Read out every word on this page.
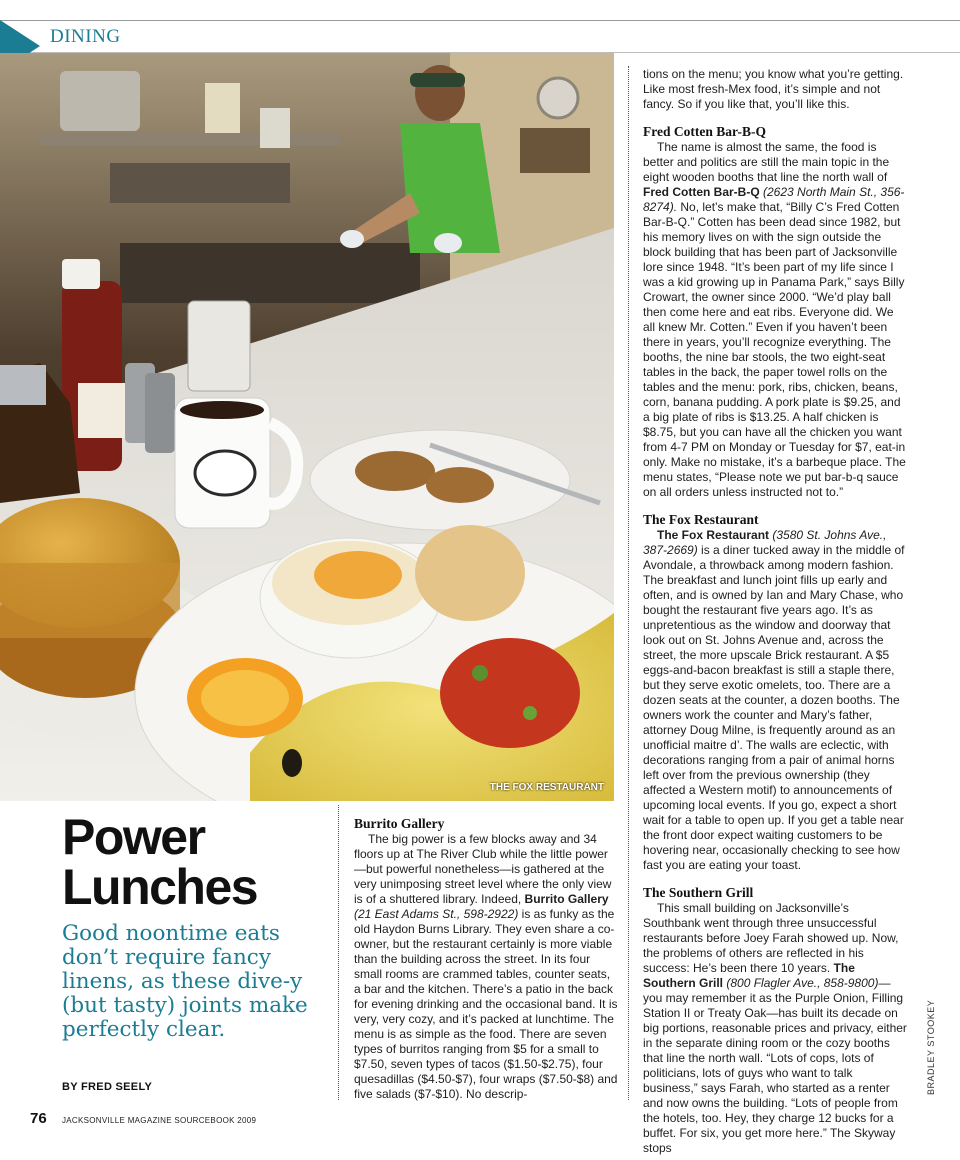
DINING
THE FOX RESTAURANT
Power
Lunches
Good noontime eats don’t require fancy linens, as these dive-y (but tasty) joints make perfectly clear.
BY FRED SEELY
Burrito Gallery

The big power is a few blocks away and 34 floors up at The River Club while the little power—but powerful nonetheless—is gathered at the very unimposing street level where the only view is of a shuttered library. Indeed, Burrito Gallery (21 East Adams St., 598-2922) is as funky as the old Haydon Burns Library. They even share a co-owner, but the restaurant certainly is more viable than the building across the street. In its four small rooms are crammed tables, counter seats, a bar and the kitchen. There’s a patio in the back for evening drinking and the occasional band. It is very, very cozy, and it’s packed at lunchtime. The menu is as simple as the food. There are seven types of burritos ranging from $5 for a small to $7.50, seven types of tacos ($1.50-$2.75), four quesadillas ($4.50-$7), four wraps ($7.50-$8) and five salads ($7-$10). No descrip-

tions on the menu; you know what you’re getting. Like most fresh-Mex food, it’s simple and not fancy. So if you like that, you’ll like this.

Fred Cotten Bar-B-Q

The name is almost the same, the food is better and politics are still the main topic in the eight wooden booths that line the north wall of Fred Cotten Bar-B-Q (2623 North Main St., 356-8274). No, let’s make that, “Billy C’s Fred Cotten Bar-B-Q.” Cotten has been dead since 1982, but his memory lives on with the sign outside the block building that has been part of Jacksonville lore since 1948. “It’s been part of my life since I was a kid growing up in Panama Park,” says Billy Crowart, the owner since 2000. “We’d play ball then come here and eat ribs. Everyone did. We all knew Mr. Cotten.” Even if you haven’t been there in years, you’ll recognize everything. The booths, the nine bar stools, the two eight-seat tables in the back, the paper towel rolls on the tables and the menu: pork, ribs, chicken, beans, corn, banana pudding. A pork plate is $9.25, and a big plate of ribs is $13.25. A half chicken is $8.75, but you can have all the chicken you want from 4-7 PM on Monday or Tuesday for $7, eat-in only. Make no mistake, it’s a barbeque place. The menu states, “Please note we put bar-b-q sauce on all orders unless instructed not to.”

The Fox Restaurant

The Fox Restaurant (3580 St. Johns Ave., 387-2669) is a diner tucked away in the middle of Avondale, a throwback among modern fashion. The breakfast and lunch joint fills up early and often, and is owned by Ian and Mary Chase, who bought the restaurant five years ago. It’s as unpretentious as the window and doorway that look out on St. Johns Avenue and, across the street, the more upscale Brick restaurant. A $5 eggs-and-bacon breakfast is still a staple there, but they serve exotic omelets, too. There are a dozen seats at the counter, a dozen booths. The owners work the counter and Mary’s father, attorney Doug Milne, is frequently around as an unofficial maitre d’. The walls are eclectic, with decorations ranging from a pair of animal horns left over from the previous ownership (they affected a Western motif) to announcements of upcoming local events. If you go, expect a short wait for a table to open up. If you get a table near the front door expect waiting customers to be hovering near, occasionally checking to see how fast you are eating your toast.

The Southern Grill

This small building on Jacksonville’s Southbank went through three unsuccessful restaurants before Joey Farah showed up. Now, the problems of others are reflected in his success: He’s been there 10 years. The Southern Grill (800 Flagler Ave., 858-9800)—you may remember it as the Purple Onion, Filling Station II or Treaty Oak—has built its decade on big portions, reasonable prices and privacy, either in the separate dining room or the cozy booths that line the north wall. “Lots of cops, lots of politicians, lots of guys who want to talk business,” says Farah, who started as a renter and now owns the building. “Lots of people from the hotels, too. Hey, they charge 12 bucks for a buffet. For six, you get more here.” The Skyway stops

BRADLEY STOOKEY
76 JACKSONVILLE MAGAZINE SOURCEBOOK 2009
